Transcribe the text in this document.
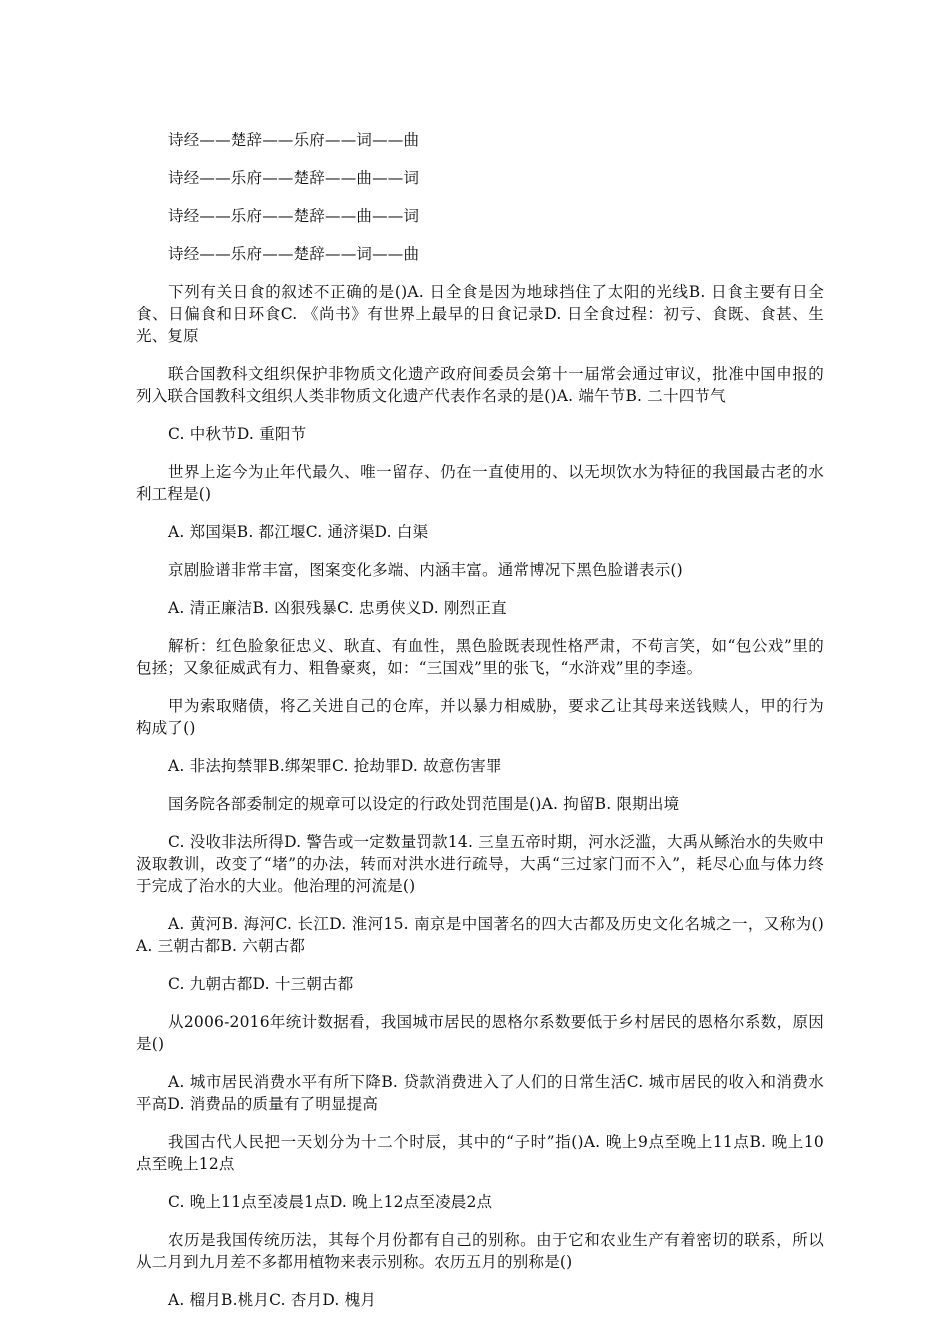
诗经——楚辞——乐府——词——曲

诗经——乐府——楚辞——曲——词

诗经——乐府——楚辞——曲——词

诗经——乐府——楚辞——词——曲

下列有关日食的叙述不正确的是()A. 日全食是因为地球挡住了太阳的光线B. 日食主要有日全食、日偏食和日环食C. 《尚书》有世界上最早的日食记录D. 日全食过程：初亏、食既、食甚、生光、复原

联合国教科文组织保护非物质文化遗产政府间委员会第十一届常会通过审议，批准中国申报的列入联合国教科文组织人类非物质文化遗产代表作名录的是()A. 端午节B. 二十四节气

C. 中秋节D. 重阳节

世界上迄今为止年代最久、唯一留存、仍在一直使用的、以无坝饮水为特征的我国最古老的水利工程是()

A. 郑国渠B. 都江堰C. 通济渠D. 白渠

京剧脸谱非常丰富，图案变化多端、内涵丰富。通常博况下黑色脸谱表示()

A. 清正廉洁B. 凶狠残暴C. 忠勇侠义D. 刚烈正直

解析：红色脸象征忠义、耿直、有血性，黑色脸既表现性格严肃，不苟言笑，如“包公戏”里的包拯；又象征威武有力、粗鲁豪爽，如：“三国戏”里的张飞，“水浒戏”里的李逵。

甲为索取赌债，将乙关进自己的仓库，并以暴力相威胁，要求乙让其母来送钱赎人，甲的行为构成了()

A. 非法拘禁罪B.绑架罪C. 抢劫罪D. 故意伤害罪

国务院各部委制定的规章可以设定的行政处罚范围是()A. 拘留B. 限期出境

C. 没收非法所得D. 警告或一定数量罚款14. 三皇五帝时期，河水泛滥，大禹从鲧治水的失败中汲取教训，改变了“堵”的办法，转而对洪水进行疏导，大禹“三过家门而不入”，耗尽心血与体力终于完成了治水的大业。他治理的河流是()

A. 黄河B. 海河C. 长江D. 淮河15. 南京是中国著名的四大古都及历史文化名城之一，又称为()A. 三朝古都B. 六朝古都

C. 九朝古都D. 十三朝古都

从2006-2016年统计数据看，我国城市居民的恩格尔系数要低于乡村居民的恩格尔系数，原因是()

A. 城市居民消费水平有所下降B. 贷款消费进入了人们的日常生活C. 城市居民的收入和消费水平高D. 消费品的质量有了明显提高

我国古代人民把一天划分为十二个时辰，其中的“子时”指()A. 晚上9点至晚上11点B. 晚上10点至晚上12点

C. 晚上11点至凌晨1点D. 晚上12点至凌晨2点

农历是我国传统历法，其每个月份都有自己的别称。由于它和农业生产有着密切的联系，所以从二月到九月差不多都用植物来表示别称。农历五月的别称是()

A. 榴月B.桃月C. 杏月D. 槐月
